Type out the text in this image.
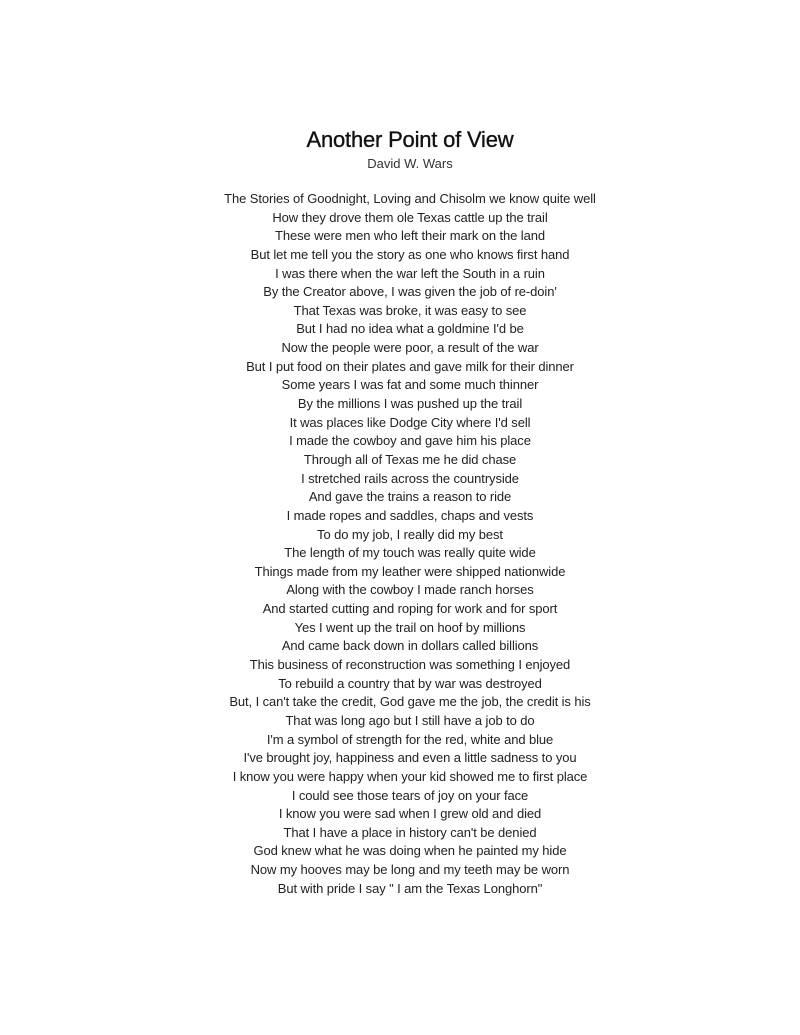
Another Point of View
David W. Wars
The Stories of Goodnight, Loving and Chisolm we know quite well
How they drove them ole Texas cattle up the trail
These were men who left their mark on the land
But let me tell you the story as one who knows first hand
I was there when the war left the South in a ruin
By the Creator above, I was given the job of re-doin'
That Texas was broke, it was easy to see
But I had no idea what a goldmine I'd be
Now the people were poor, a result of the war
But I put food on their plates and gave milk for their dinner
Some years I was fat and some much thinner
By the millions I was pushed up the trail
It was places like Dodge City where I'd sell
I made the cowboy and gave him his place
Through all of Texas me he did chase
I stretched rails across the countryside
And gave the trains a reason to ride
I made ropes and saddles, chaps and vests
To do my job, I really did my best
The length of my touch was really quite wide
Things made from my leather were shipped nationwide
Along with the cowboy I made ranch horses
And started cutting and roping for work and for sport
Yes I went up the trail on hoof by millions
And came back down in dollars called billions
This business of reconstruction was something I enjoyed
To rebuild a country that by war was destroyed
But, I can't take the credit, God gave me the job, the credit is his
That was long ago but I still have a job to do
I'm a symbol of strength for the red, white and blue
I've brought joy, happiness and even a little sadness to you
I know you were happy when your kid showed me to first place
I could see those tears of joy on your face
I know you were sad when I grew old and died
That I have a place in history can't be denied
God knew what he was doing when he painted my hide
Now my hooves may be long and my teeth may be worn
But with pride I say " I am the Texas Longhorn"
